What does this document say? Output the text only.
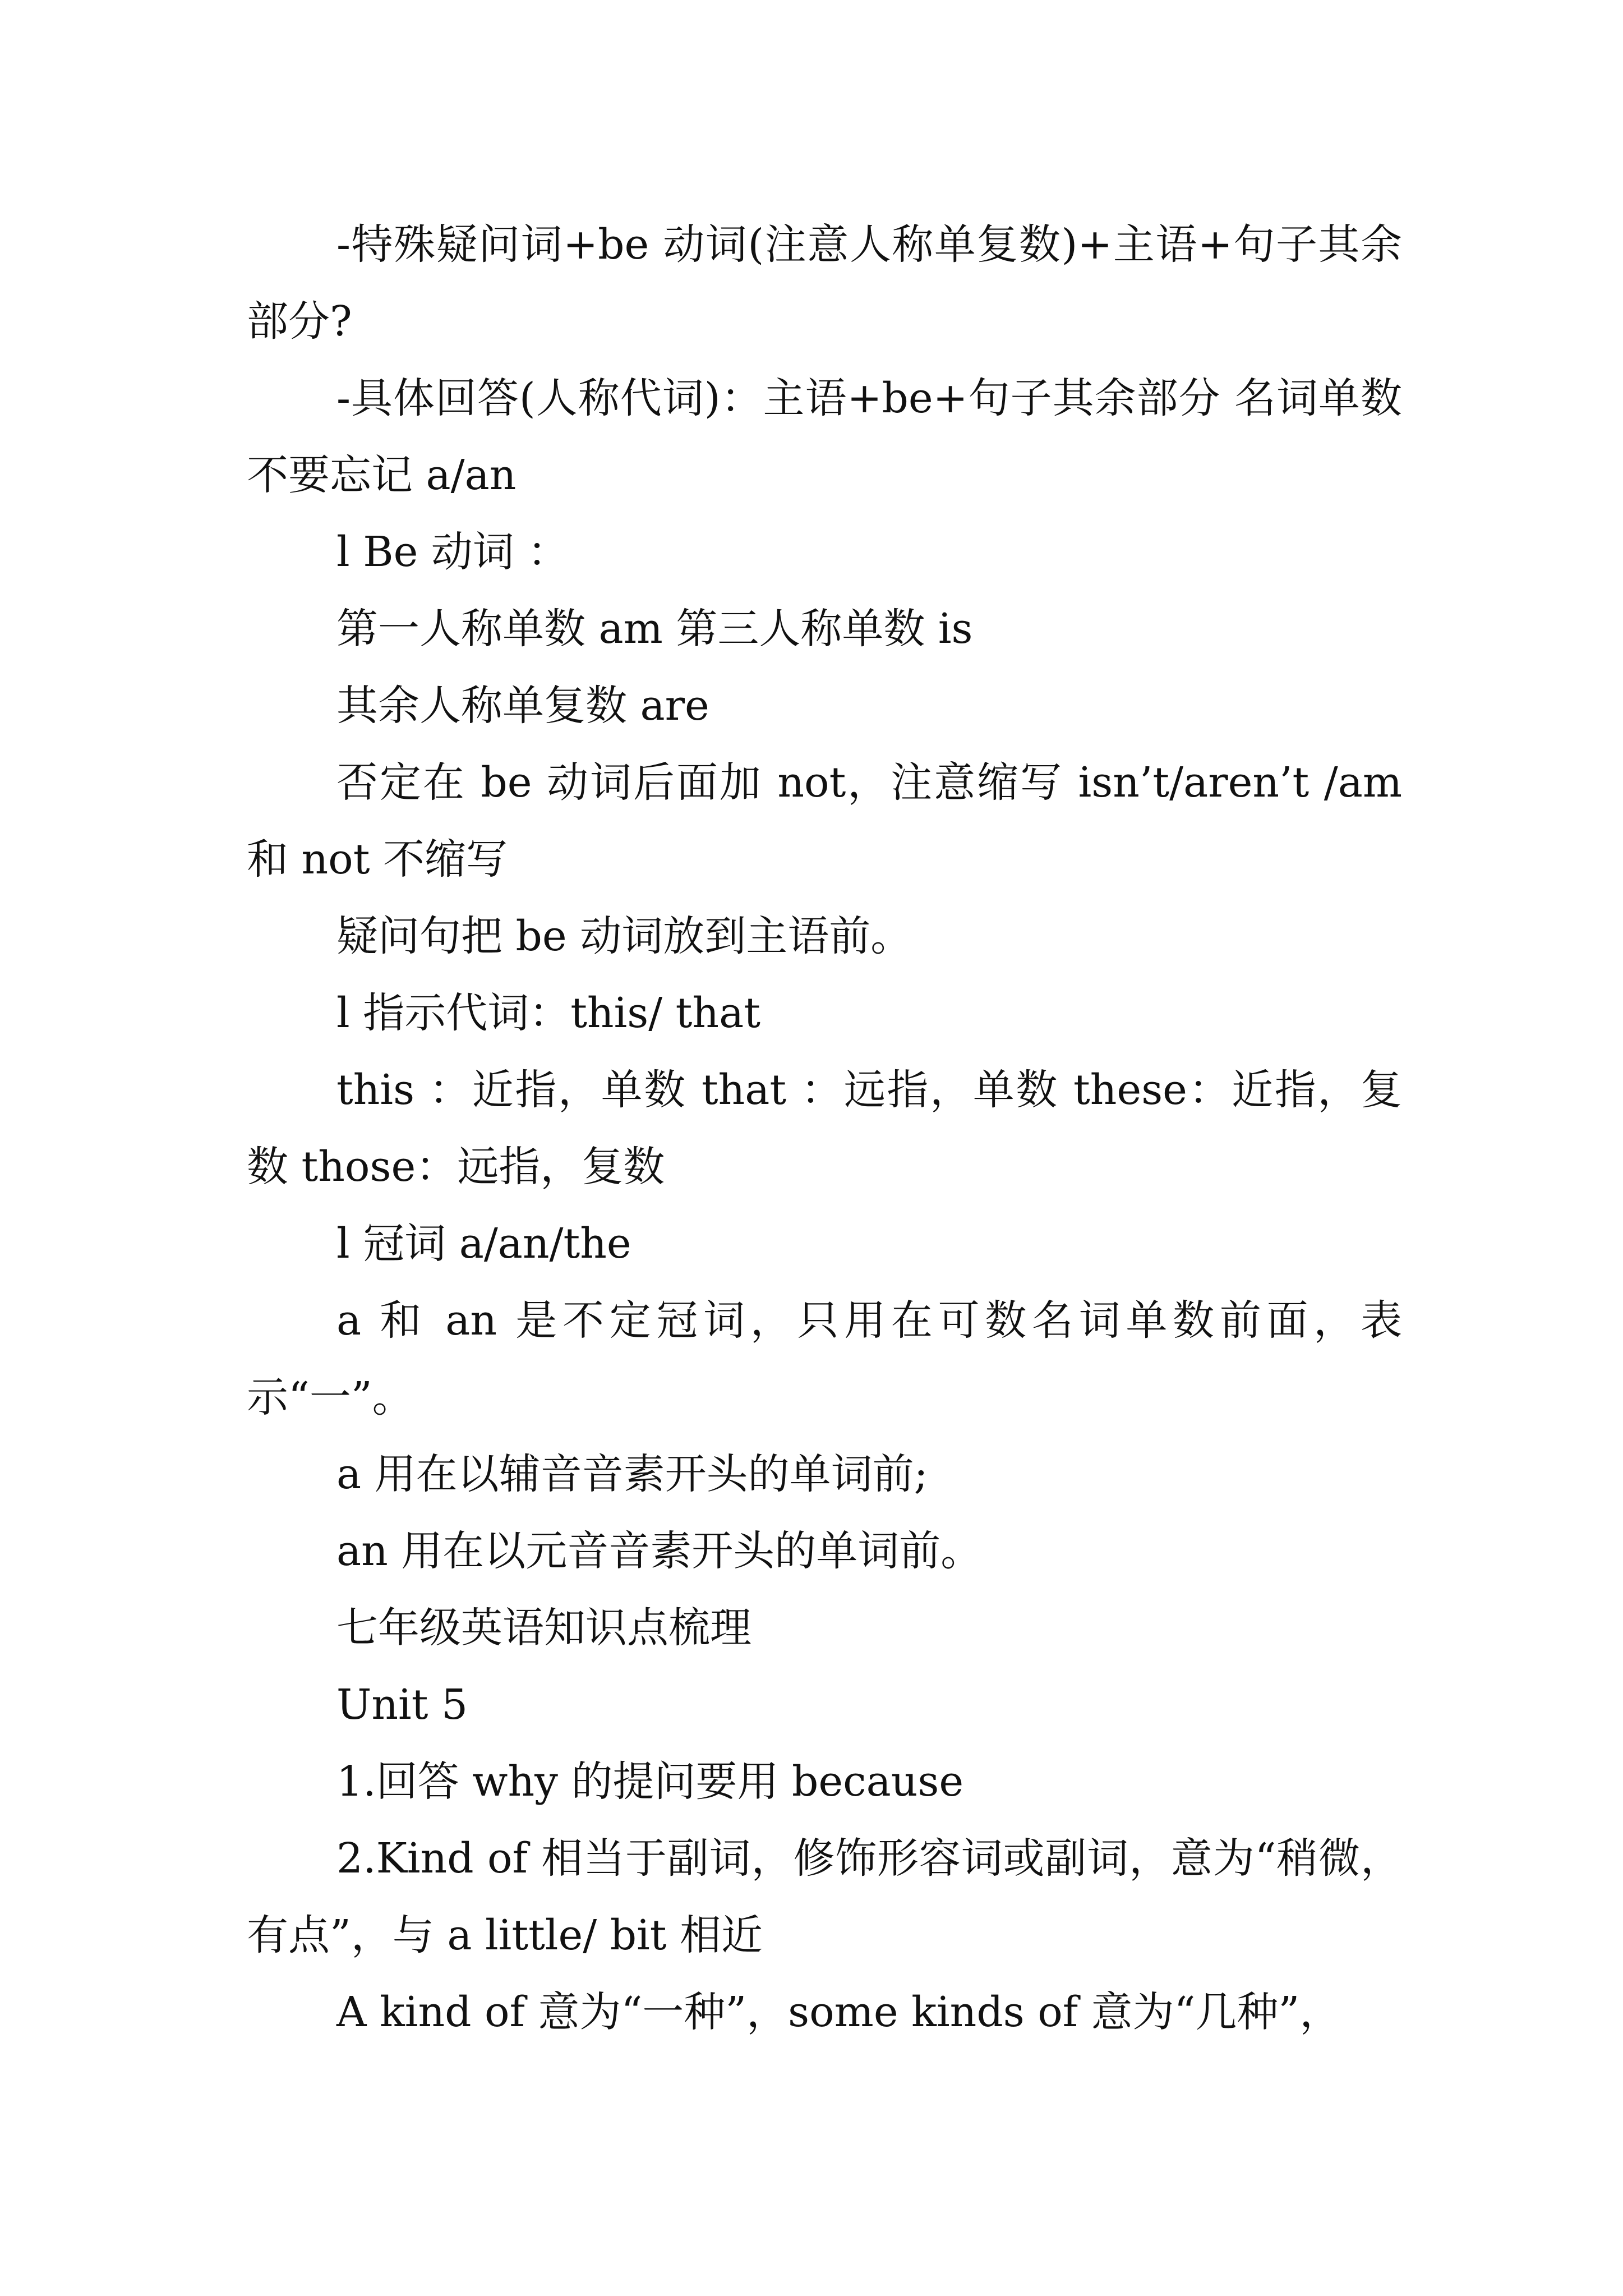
-特殊疑问词+be 动词(注意人称单复数)+主语+句子其余部分?

-具体回答(人称代词)：主语+be+句子其余部分 名词单数不要忘记 a/an

l Be 动词 ：

第一人称单数 am 第三人称单数 is

其余人称单复数 are

否定在 be 动词后面加 not，注意缩写 isn’t/aren’t /am 和 not 不缩写

疑问句把 be 动词放到主语前。

l 指示代词：this/ that

this ：近指，单数 that ：远指，单数 these：近指，复数 those：远指，复数

l 冠词 a/an/the

a 和 an 是不定冠词，只用在可数名词单数前面，表示“一”。

a 用在以辅音音素开头的单词前;

an 用在以元音音素开头的单词前。

七年级英语知识点梳理

Unit 5

1.回答 why 的提问要用 because

2.Kind of 相当于副词，修饰形容词或副词，意为“稍微，有点”，与 a little/ bit 相近

A kind of 意为“一种”，some kinds of 意为“几种”，
